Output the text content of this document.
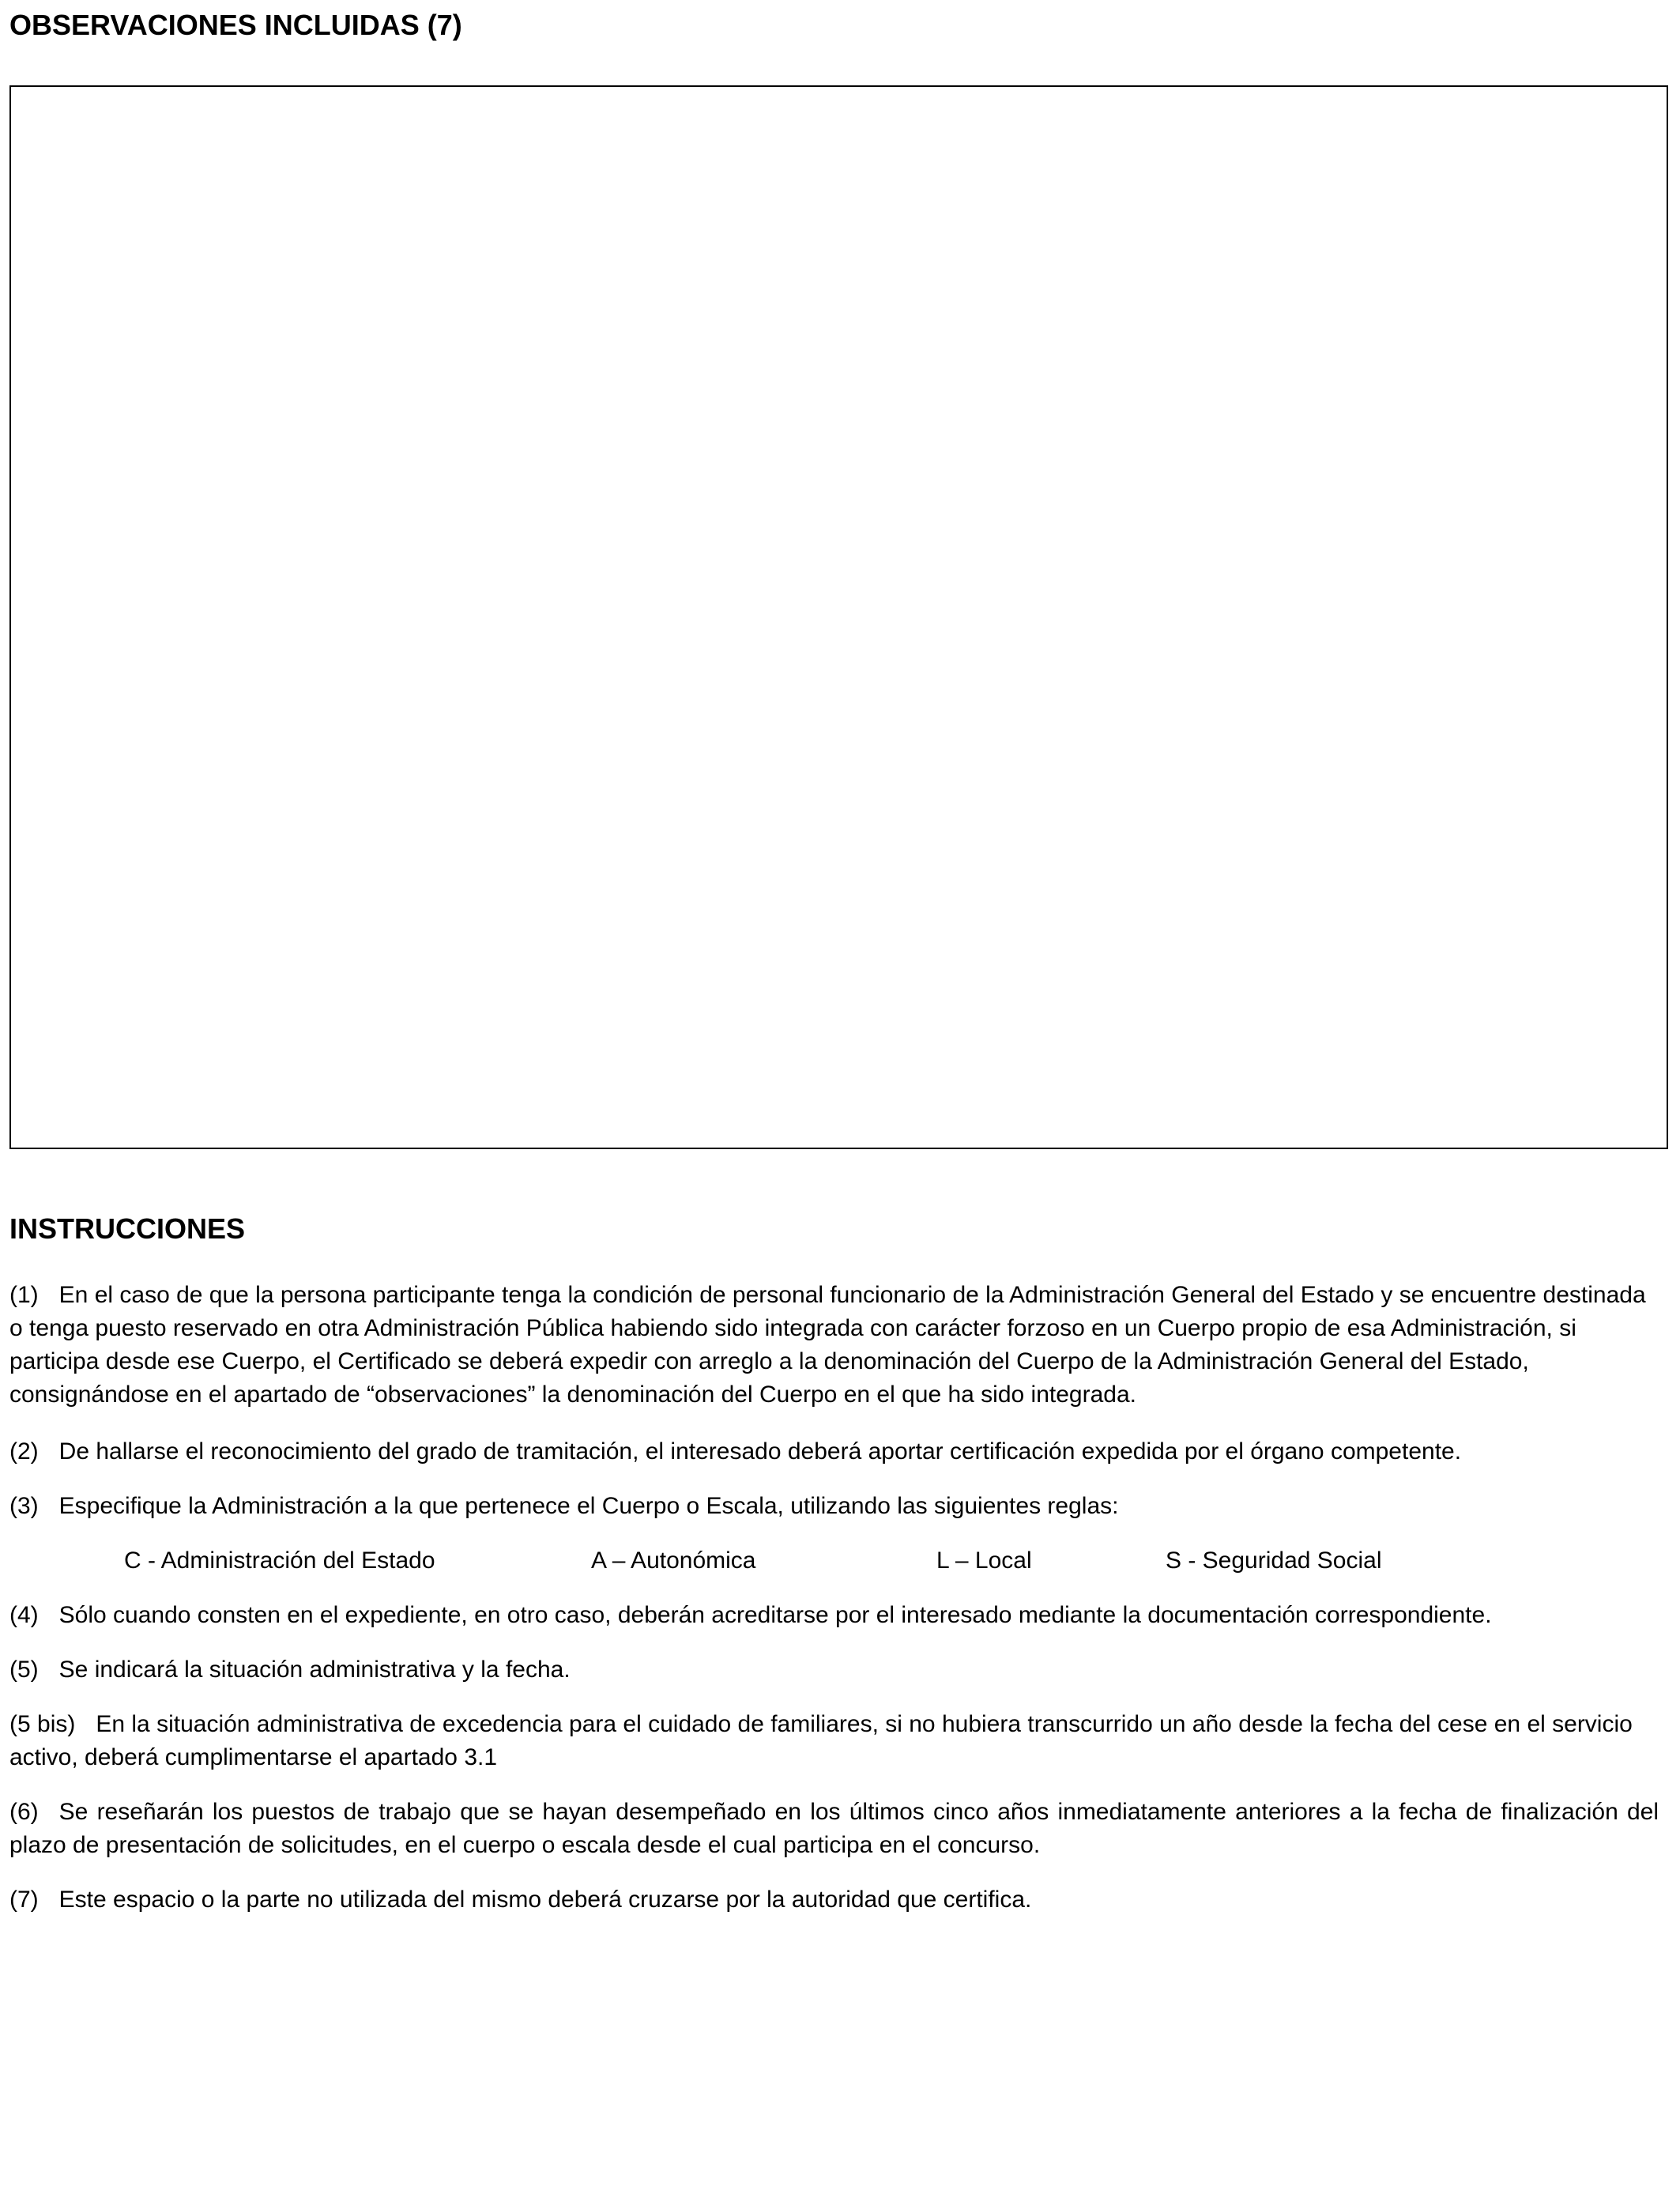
OBSERVACIONES INCLUIDAS (7)
INSTRUCCIONES

(1) En el caso de que la persona participante tenga la condición de personal funcionario de la Administración General del Estado y se encuentre destinada o tenga puesto reservado en otra Administración Pública habiendo sido integrada con carácter forzoso en un Cuerpo propio de esa Administración, si participa desde ese Cuerpo, el Certificado se deberá expedir con arreglo a la denominación del Cuerpo de la Administración General del Estado, consignándose en el apartado de “observaciones” la denominación del Cuerpo en el que ha sido integrada.

(2) De hallarse el reconocimiento del grado de tramitación, el interesado deberá aportar certificación expedida por el órgano competente.

(3) Especifique la Administración a la que pertenece el Cuerpo o Escala, utilizando las siguientes reglas:

C - Administración del Estado	A – Autonómica	L – Local	S - Seguridad Social

(4) Sólo cuando consten en el expediente, en otro caso, deberán acreditarse por el interesado mediante la documentación correspondiente.

(5) Se indicará la situación administrativa y la fecha.

(5 bis) En la situación administrativa de excedencia para el cuidado de familiares, si no hubiera transcurrido un año desde la fecha del cese en el servicio activo, deberá cumplimentarse el apartado 3.1

(6) Se reseñarán los puestos de trabajo que se hayan desempeñado en los últimos cinco años inmediatamente anteriores a la fecha de finalización del plazo de presentación de solicitudes, en el cuerpo o escala desde el cual participa en el concurso.

(7) Este espacio o la parte no utilizada del mismo deberá cruzarse por la autoridad que certifica.
